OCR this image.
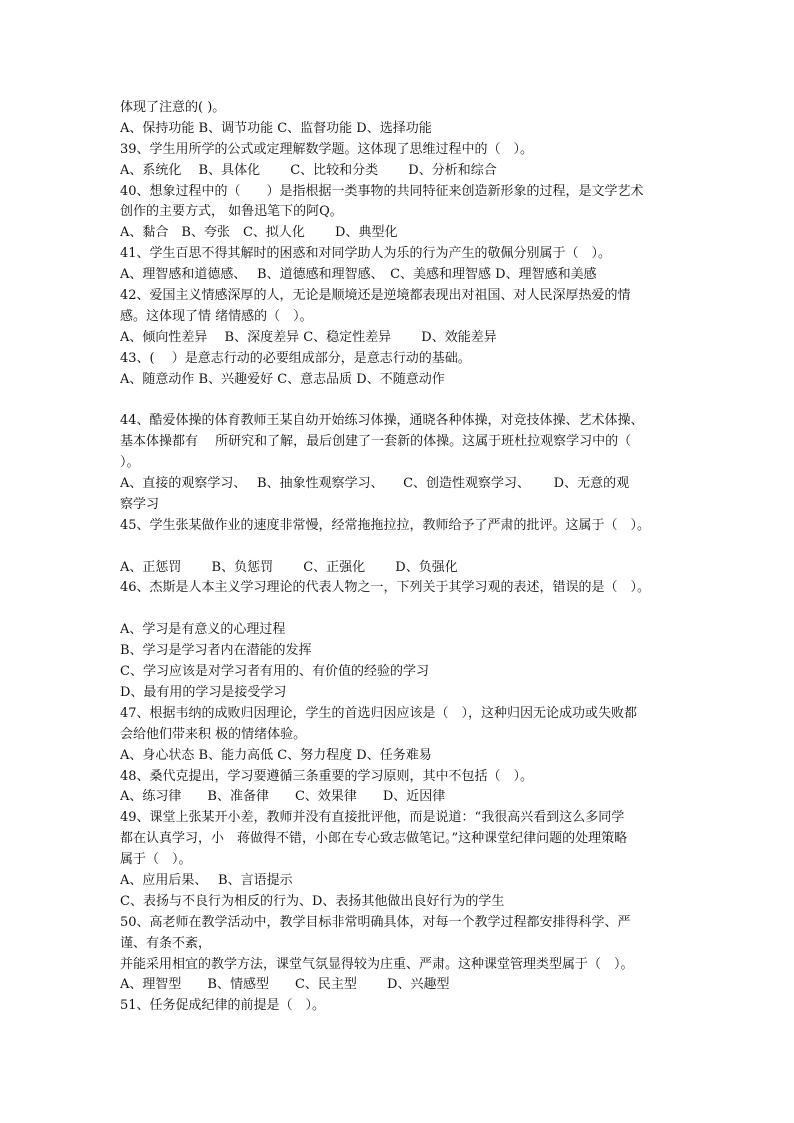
体现了注意的( )。
A、保持功能 B、调节功能 C、监督功能 D、选择功能
39、学生用所学的公式或定理解数学题。这体现了思维过程中的（　）。
A、系统化　 B、具体化　　 C、比较和分类　　 D、分析和综合
40、想象过程中的（　　）是指根据一类事物的共同特征来创造新形象的过程，是文学艺术
创作的主要方式， 如鲁迅笔下的阿Q。
A、黏合　B、夸张　C、拟人化　　 D、典型化
41、学生百思不得其解时的困惑和对同学助人为乐的行为产生的敬佩分别属于（　）。
A、理智感和道德感、　 B、道德感和理智感、　C、美感和理智感 D、理智感和美感
42、爱国主义情感深厚的人，无论是顺境还是逆境都表现出对祖国、对人民深厚热爱的情
感。这体现了情 绪情感的（　）。
A、倾向性差异　 B、深度差异 C、稳定性差异　　 D、效能差异
43、(　 ）是意志行动的必要组成部分，是意志行动的基础。
A、随意动作 B、兴趣爱好 C、意志品质 D、不随意动作
44、酷爱体操的体育教师王某自幼开始练习体操，通晓各种体操，对竞技体操、艺术体操、
基本体操都有　 所研究和了解，最后创建了一套新的体操。这属于班杜拉观察学习中的（
）。
A、直接的观察学习、　 B、抽象性观察学习、　　C、创造性观察学习、　　 D、无意的观
察学习
45、学生张某做作业的速度非常慢，经常拖拖拉拉，教师给予了严肃的批评。这属于（　）。
A、正惩罚　　 B、负惩罚　　 C、正强化　　 D、负强化
46、杰斯是人本主义学习理论的代表人物之一，下列关于其学习观的表述，错误的是（　）。
A、学习是有意义的心理过程
B、学习是学习者内在潜能的发挥
C、学习应该是对学习者有用的、有价值的经验的学习
D、最有用的学习是接受学习
47、根据韦纳的成败归因理论，学生的首选归因应该是（　），这种归因无论成功或失败都
会给他们带来积 极的情绪体验。
A、身心状态 B、能力高低 C、努力程度 D、任务难易
48、桑代克提出，学习要遵循三条重要的学习原则，其中不包括（　）。
A、练习律　　B、准备律　　C、效果律　　D、近因律
49、课堂上张某开小差，教师并没有直接批评他，而是说道：“我很高兴看到这么多同学
都在认真学习，小　蒋做得不错，小郎在专心致志做笔记。”这种课堂纪律问题的处理策略
属于（　）。
A、应用后果、　 B、言语提示
C、表扬与不良行为相反的行为、D、表扬其他做出良好行为的学生
50、高老师在教学活动中，教学目标非常明确具体，对每一个教学过程都安排得科学、严
谨、有条不紊，
并能采用相宜的教学方法，课堂气氛显得较为庄重、严肃。这种课堂管理类型属于（　）。
A、理智型　　B、情感型　　C、民主型　　 D、兴趣型
51、任务促成纪律的前提是（　）。
